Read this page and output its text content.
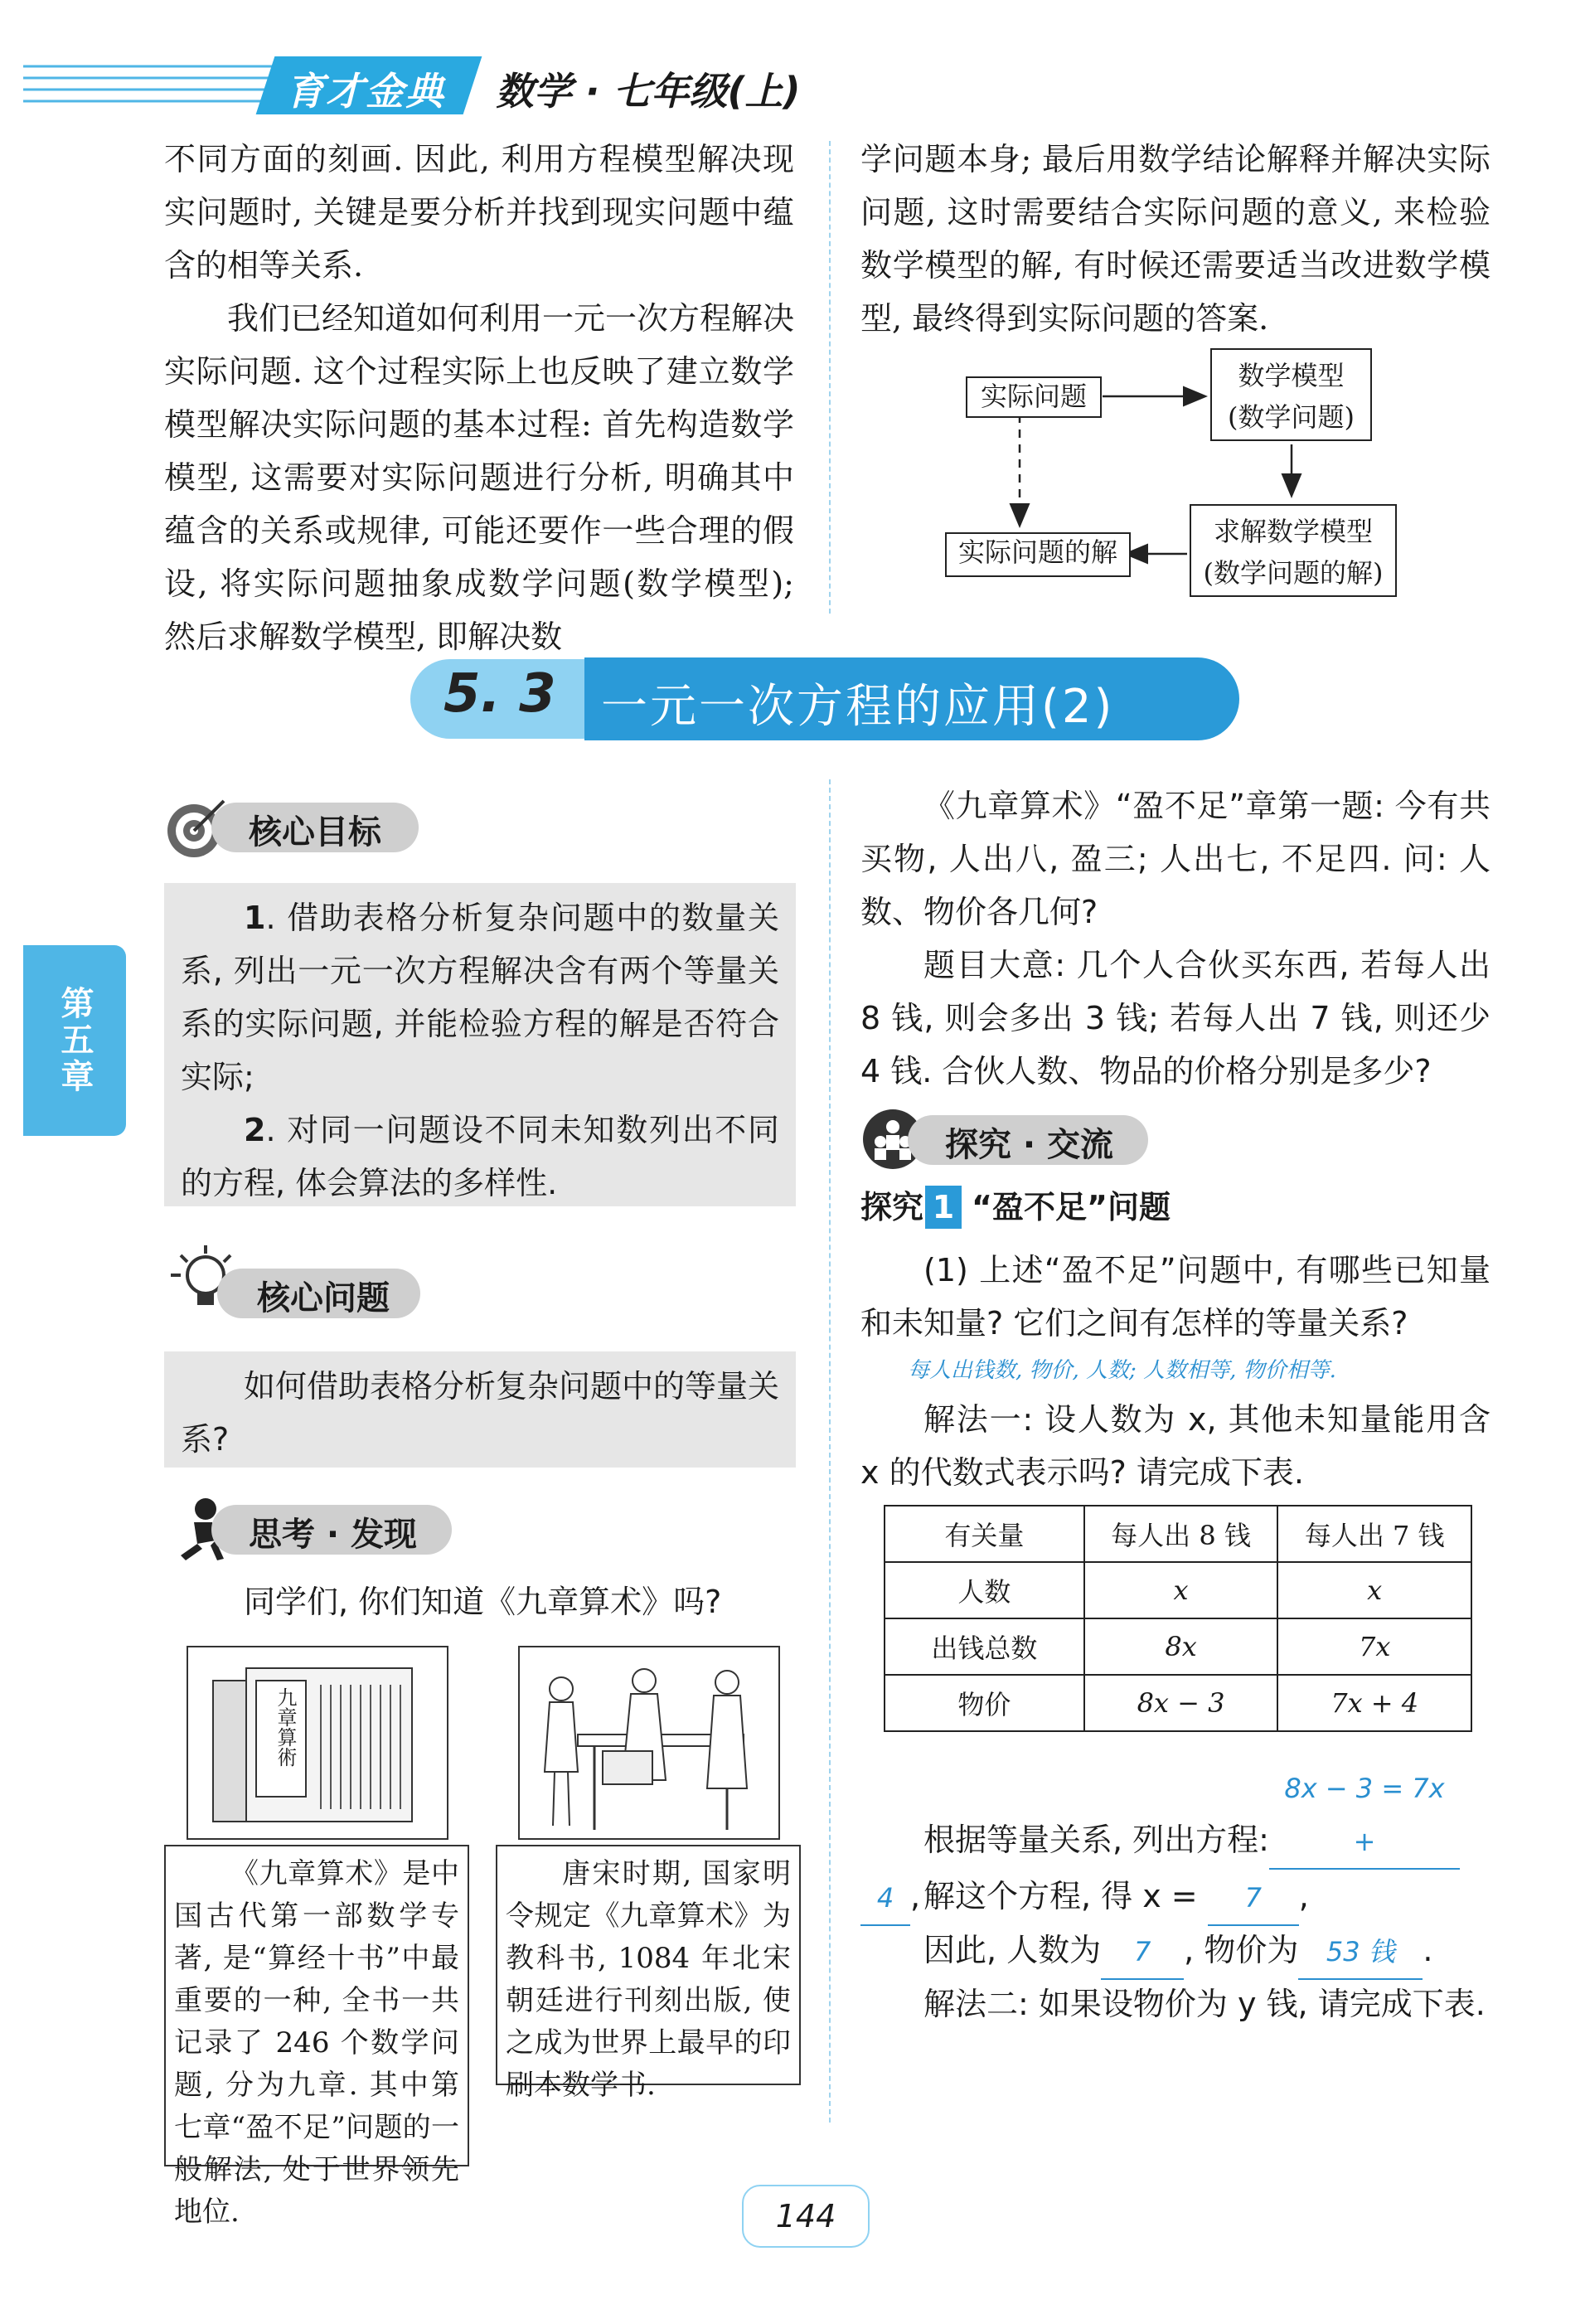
育才金典 数学 · 七年级(上)
第五章

不同方面的刻画. 因此, 利用方程模型解决现实问题时, 关键是要分析并找到现实问题中蕴含的相等关系.

我们已经知道如何利用一元一次方程解决实际问题. 这个过程实际上也反映了建立数学模型解决实际问题的基本过程: 首先构造数学模型, 这需要对实际问题进行分析, 明确其中蕴含的关系或规律, 可能还要作一些合理的假设, 将实际问题抽象成数学问题(数学模型); 然后求解数学模型, 即解决数

学问题本身; 最后用数学结论解释并解决实际问题, 这时需要结合实际问题的意义, 来检验数学模型的解, 有时候还需要适当改进数学模型, 最终得到实际问题的答案.

实际问题
数学模型
(数学问题)
求解数学模型
(数学问题的解)
实际问题的解
5. 3 一元一次方程的应用(2)
核心目标

1. 借助表格分析复杂问题中的数量关系, 列出一元一次方程解决含有两个等量关系的实际问题, 并能检验方程的解是否符合实际;

2. 对同一问题设不同未知数列出不同的方程, 体会算法的多样性.

核心问题

如何借助表格分析复杂问题中的等量关系?

思考 · 发现

同学们, 你们知道《九章算术》吗?

九章算術

《九章算术》是中国古代第一部数学专著, 是“算经十书”中最重要的一种, 全书一共记录了 246 个数学问题, 分为九章. 其中第七章“盈不足”问题的一般解法, 处于世界领先地位.

唐宋时期, 国家明令规定《九章算术》为教科书, 1084 年北宋朝廷进行刊刻出版, 使之成为世界上最早的印刷本数学书.

《九章算术》“盈不足”章第一题: 今有共买物, 人出八, 盈三; 人出七, 不足四. 问: 人数、物价各几何?

题目大意: 几个人合伙买东西, 若每人出 8 钱, 则会多出 3 钱; 若每人出 7 钱, 则还少 4 钱. 合伙人数、物品的价格分别是多少?

探究 · 交流
探究 1 “盈不足”问题

(1) 上述“盈不足”问题中, 有哪些已知量和未知量? 它们之间有怎样的等量关系?

每人出钱数, 物价, 人数; 人数相等, 物价相等.

解法一: 设人数为 x, 其他未知量能用含 x 的代数式表示吗? 请完成下表.

有关量	每人出 8 钱	每人出 7 钱
人数	x	x
出钱总数	8x	7x
物价	8x − 3	7x + 4
根据等量关系, 列出方程:8x − 3 = 7x +
4 , 解这个方程, 得 x = 7 ,
因此, 人数为 7 , 物价为 53 钱 .

解法二: 如果设物价为 y 钱, 请完成下表.

144
